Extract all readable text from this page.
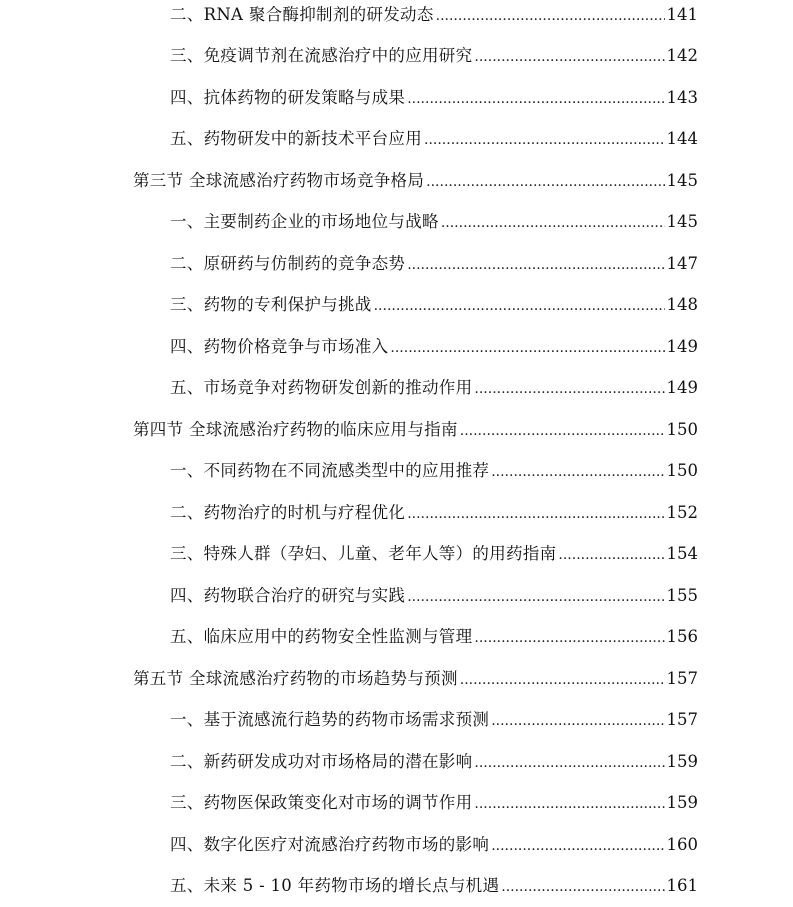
二、RNA 聚合酶抑制剂的研发动态 .....	141
三、免疫调节剂在流感治疗中的应用研究 .....	142
四、抗体药物的研发策略与成果 .....	143
五、药物研发中的新技术平台应用 .....	144
第三节 全球流感治疗药物市场竞争格局 .....	145
一、主要制药企业的市场地位与战略 .....	145
二、原研药与仿制药的竞争态势 .....	147
三、药物的专利保护与挑战 .....	148
四、药物价格竞争与市场准入 .....	149
五、市场竞争对药物研发创新的推动作用 .....	149
第四节 全球流感治疗药物的临床应用与指南 .....	150
一、不同药物在不同流感类型中的应用推荐 .....	150
二、药物治疗的时机与疗程优化 .....	152
三、特殊人群（孕妇、儿童、老年人等）的用药指南 .....	154
四、药物联合治疗的研究与实践 .....	155
五、临床应用中的药物安全性监测与管理 .....	156
第五节 全球流感治疗药物的市场趋势与预测 .....	157
一、基于流感流行趋势的药物市场需求预测 .....	157
二、新药研发成功对市场格局的潜在影响 .....	159
三、药物医保政策变化对市场的调节作用 .....	159
四、数字化医疗对流感治疗药物市场的影响 .....	160
五、未来 5 - 10 年药物市场的增长点与机遇 .....	161
